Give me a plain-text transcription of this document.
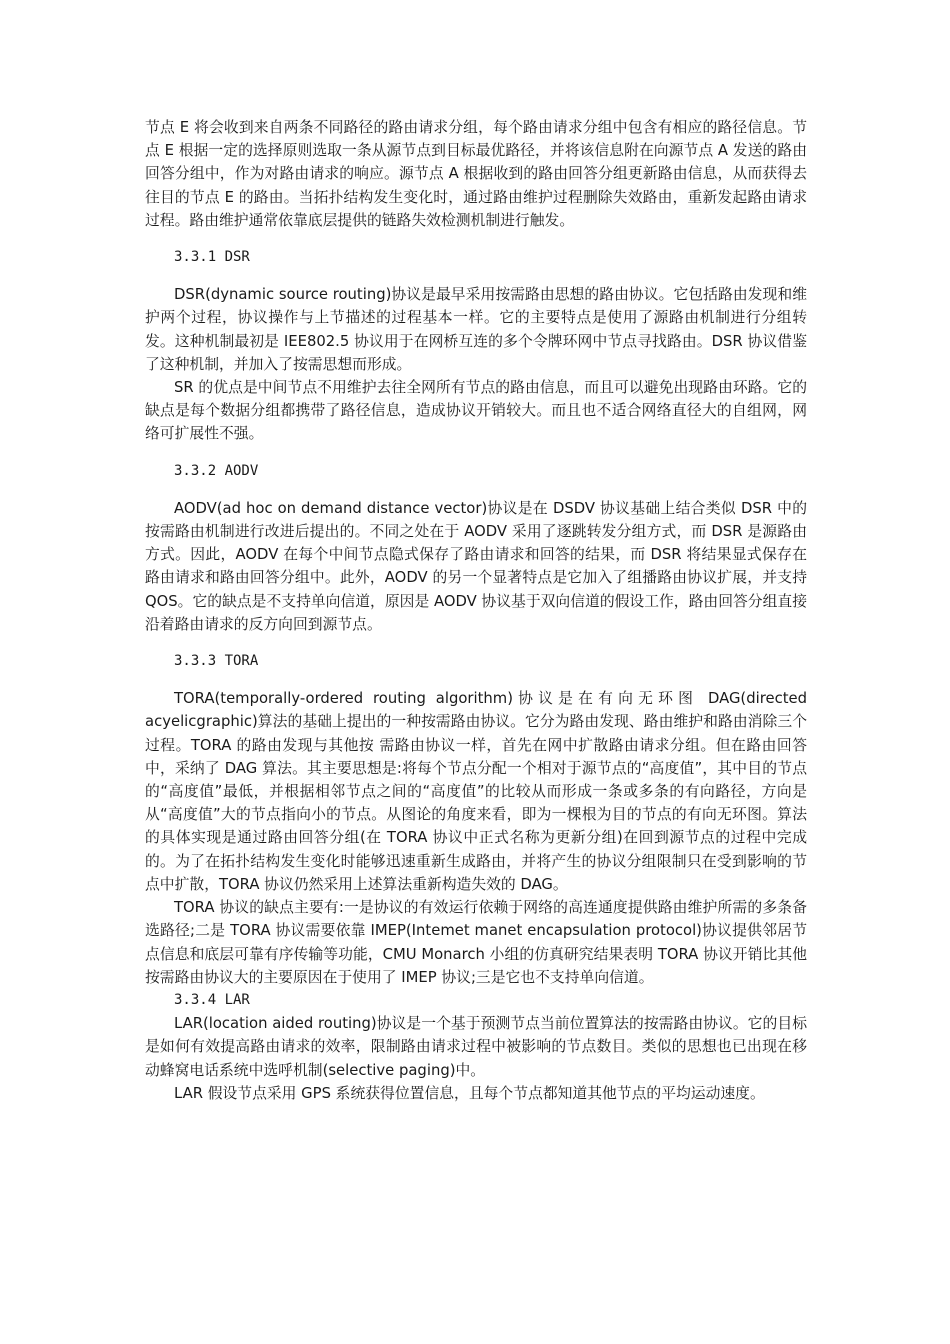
节点 E 将会收到来自两条不同路径的路由请求分组，每个路由请求分组中包含有相应的路径信息。节点 E 根据一定的选择原则选取一条从源节点到目标最优路径，并将该信息附在向源节点 A 发送的路由回答分组中，作为对路由请求的响应。源节点 A 根据收到的路由回答分组更新路由信息，从而获得去往目的节点 E 的路由。当拓扑结构发生变化时，通过路由维护过程删除失效路由，重新发起路由请求过程。路由维护通常依靠底层提供的链路失效检测机制进行触发。

3.3.1 DSR

DSR(dynamic source routing)协议是最早采用按需路由思想的路由协议。它包括路由发现和维护两个过程，协议操作与上节描述的过程基本一样。它的主要特点是使用了源路由机制进行分组转发。这种机制最初是 IEE802.5 协议用于在网桥互连的多个令牌环网中节点寻找路由。DSR 协议借鉴了这种机制，并加入了按需思想而形成。

SR 的优点是中间节点不用维护去往全网所有节点的路由信息，而且可以避免出现路由环路。它的缺点是每个数据分组都携带了路径信息，造成协议开销较大。而且也不适合网络直径大的自组网，网络可扩展性不强。

3.3.2 AODV

AODV(ad hoc on demand distance vector)协议是在 DSDV 协议基础上结合类似 DSR 中的按需路由机制进行改进后提出的。不同之处在于 AODV 采用了逐跳转发分组方式，而 DSR 是源路由方式。因此，AODV 在每个中间节点隐式保存了路由请求和回答的结果，而 DSR 将结果显式保存在路由请求和路由回答分组中。此外，AODV 的另一个显著特点是它加入了组播路由协议扩展，并支持 QOS。它的缺点是不支持单向信道，原因是 AODV 协议基于双向信道的假设工作，路由回答分组直接沿着路由请求的反方向回到源节点。

3.3.3 TORA

TORA(temporally-ordered routing algorithm)协议是在有向无环图 DAG(directed acyelicgraphic)算法的基础上提出的一种按需路由协议。它分为路由发现、路由维护和路由消除三个过程。TORA 的路由发现与其他按 需路由协议一样，首先在网中扩散路由请求分组。但在路由回答中，采纳了 DAG 算法。其主要思想是:将每个节点分配一个相对于源节点的“高度值”，其中目的节点的“高度值”最低，并根据相邻节点之间的“高度值”的比较从而形成一条或多条的有向路径，方向是从“高度值”大的节点指向小的节点。从图论的角度来看，即为一棵根为目的节点的有向无环图。算法的具体实现是通过路由回答分组(在 TORA 协议中正式名称为更新分组)在回到源节点的过程中完成的。为了在拓扑结构发生变化时能够迅速重新生成路由，并将产生的协议分组限制只在受到影响的节点中扩散，TORA 协议仍然采用上述算法重新构造失效的 DAG。

TORA 协议的缺点主要有:一是协议的有效运行依赖于网络的高连通度提供路由维护所需的多条备选路径;二是 TORA 协议需要依靠 IMEP(Intemet manet encapsulation protocol)协议提供邻居节点信息和底层可靠有序传输等功能，CMU Monarch 小组的仿真研究结果表明 TORA 协议开销比其他按需路由协议大的主要原因在于使用了 IMEP 协议;三是它也不支持单向信道。

3.3.4 LAR

LAR(location aided routing)协议是一个基于预测节点当前位置算法的按需路由协议。它的目标是如何有效提高路由请求的效率，限制路由请求过程中被影响的节点数目。类似的思想也已出现在移动蜂窝电话系统中选呼机制(selective paging)中。

LAR 假设节点采用 GPS 系统获得位置信息，且每个节点都知道其他节点的平均运动速度。
